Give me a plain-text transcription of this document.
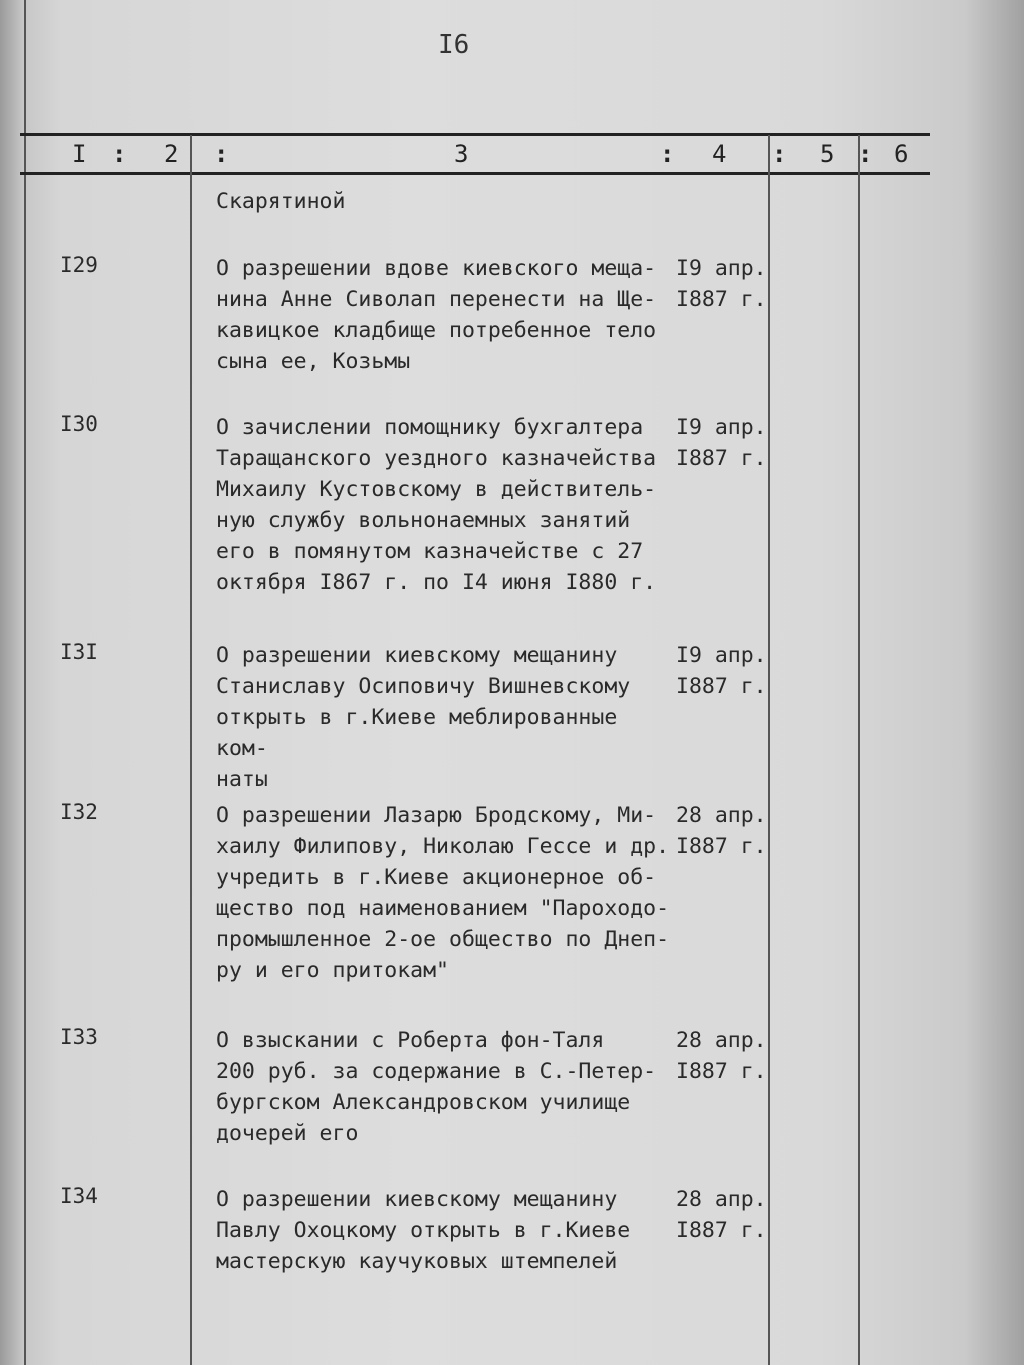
I6
I : 2 :	3	: 4 : 5 : 6
Скарятиной
I29	О разрешении вдове киевского меща-
нина Анне Сиволап перенести на Ще-
кавицкое кладбище потребенное тело
сына ее, Козьмы
I9 апр.
I887 г.
I30	О зачислении помощнику бухгалтера
Таращанского уездного казначейства
Михаилу Кустовскому в действитель-
ную службу вольнонаемных занятий
его в помянутом казначействе с 27
октября I867 г. по I4 июня I880 г.
I9 апр.
I887 г.
I3I	О разрешении киевскому мещанину
Станиславу Осиповичу Вишневскому
открыть в г.Киеве меблированные ком-
наты
I9 апр.
I887 г.
I32	О разрешении Лазарю Бродскому, Ми-
хаилу Филипову, Николаю Гессе и др.
учредить в г.Киеве акционерное об-
щество под наименованием "Пароходо-
промышленное 2-ое общество по Днеп-
ру и его притокам"
28 апр.
I887 г.
I33	О взыскании с Роберта фон-Таля
200 руб. за содержание в С.-Петер-
бургском Александровском училище
дочерей его
28 апр.
I887 г.
I34	О разрешении киевскому мещанину
Павлу Охоцкому открыть в г.Киеве
мастерскую каучуковых штемпелей
28 апр.
I887 г.
